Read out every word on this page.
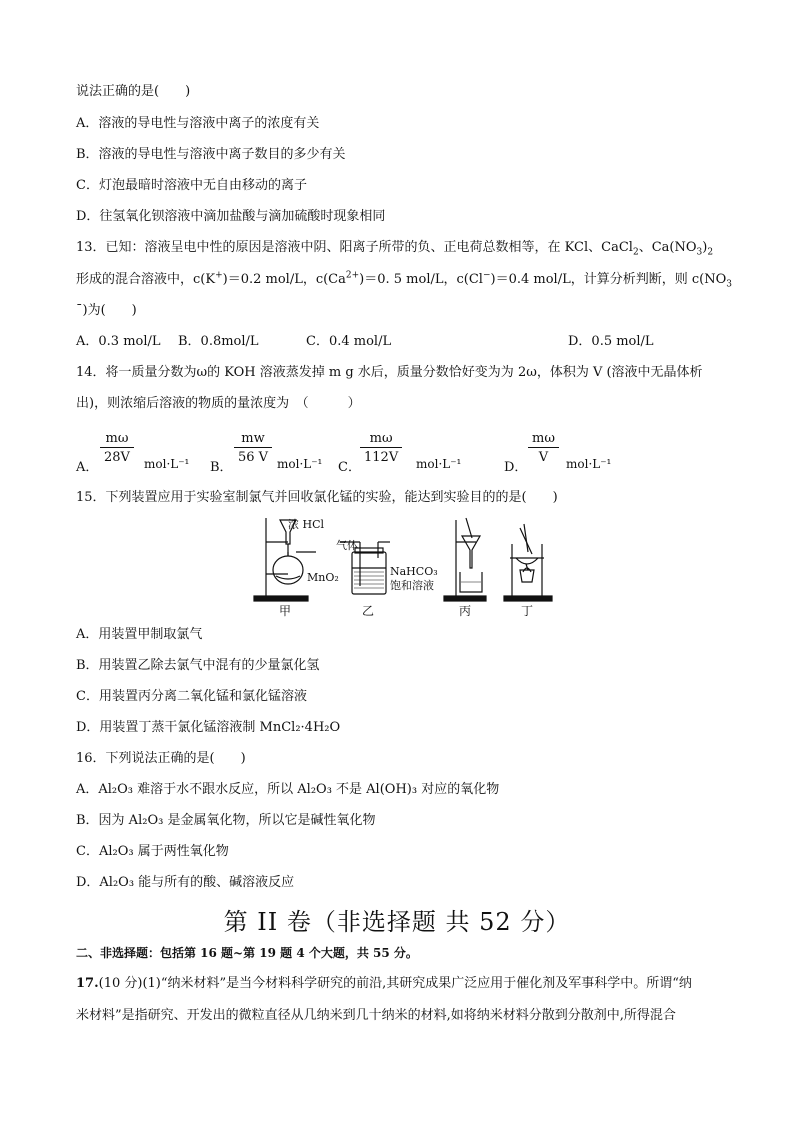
说法正确的是(　　)
A．溶液的导电性与溶液中离子的浓度有关
B．溶液的导电性与溶液中离子数目的多少有关
C．灯泡最暗时溶液中无自由移动的离子
D．往氢氧化钡溶液中滴加盐酸与滴加硫酸时现象相同
13．已知：溶液呈电中性的原因是溶液中阴、阳离子所带的负、正电荷总数相等，在 KCl、CaCl$_2$、$Ca(NO_3)_2$
形成的混合溶液中，c(K+)＝0.2 mol/L，$c(Ca^{2+})=0$. 5 mol/L，c(Cl−)＝0.4 mol/L，计算分析判断，则 $c(NO_3$
¯)为(　　)
A．0.3 mol/L B．0.8mol/L	C．0.4 mol/L	D．0.5 mol/L
14．将一质量分数为ω的 KOH 溶液蒸发掉 m g 水后，质量分数恰好变为为 2ω，体积为 V (溶液中无晶体析
出)，则浓缩后溶液的物质的量浓度为　（　　　）
A．
$\frac{m\omega}{28V} mol\cdot L^{-1}$ B．
$\frac{mw}{56 V} mol\cdot L^{-1}$ C．
$\frac{m\omega}{112V} mol\cdot L^{-1}$	D．
$\frac{m\omega}{V} mol\cdot L^{-1}$
15．下列装置应用于实验室制氯气并回收氯化锰的实验，能达到实验目的的是(　　)
浓 HCl
MnO₂
气体
NaHCO₃
饱和溶液
甲	乙	丙	丁
A．用装置甲制取氯气
B．用装置乙除去氯气中混有的少量氯化氢
C．用装置丙分离二氧化锰和氯化锰溶液
D．用装置丁蒸干氯化锰溶液制 MnCl₂·4H₂O
16．下列说法正确的是(　　)
A．Al₂O₃ 难溶于水不跟水反应，所以 Al₂O₃ 不是 Al(OH)₃ 对应的氧化物
B．因为 Al₂O₃ 是金属氧化物，所以它是碱性氧化物
C．Al₂O₃ 属于两性氧化物
D．Al₂O₃ 能与所有的酸、碱溶液反应
第 II 卷（非选择题 共 52 分）
二、非选择题：包括第 16 题~第 19 题 4 个大题，共 55 分。
17.(10 分)(1)“纳米材料”是当今材料科学研究的前沿,其研究成果广泛应用于催化剂及军事科学中。所谓“纳
米材料”是指研究、开发出的微粒直径从几纳米到几十纳米的材料,如将纳米材料分散到分散剂中,所得混合
